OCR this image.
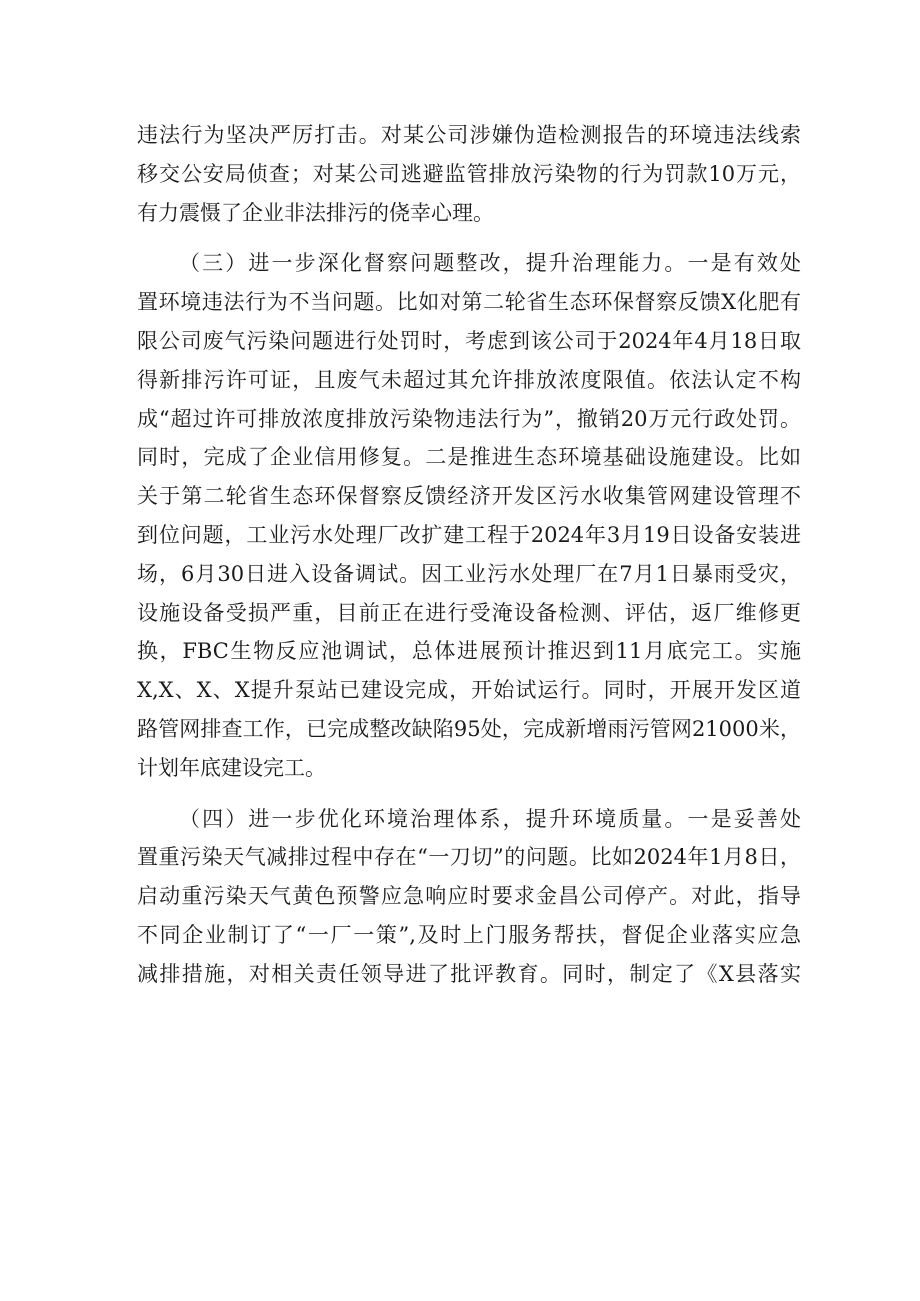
违法行为坚决严厉打击。对某公司涉嫌伪造检测报告的环境违法线索
移交公安局侦查；对某公司逃避监管排放污染物的行为罚款10万元，
有力震慑了企业非法排污的侥幸心理。
（三）进一步深化督察问题整改，提升治理能力。一是有效处
置环境违法行为不当问题。比如对第二轮省生态环保督察反馈X化肥有
限公司废气污染问题进行处罚时，考虑到该公司于2024年4月18日取
得新排污许可证，且废气未超过其允许排放浓度限值。依法认定不构
成“超过许可排放浓度排放污染物违法行为”，撤销20万元行政处罚。
同时，完成了企业信用修复。二是推进生态环境基础设施建设。比如
关于第二轮省生态环保督察反馈经济开发区污水收集管网建设管理不
到位问题，工业污水处理厂改扩建工程于2024年3月19日设备安装进
场，6月30日进入设备调试。因工业污水处理厂在7月1日暴雨受灾，
设施设备受损严重，目前正在进行受淹设备检测、评估，返厂维修更
换，FBC生物反应池调试，总体进展预计推迟到11月底完工。实施
X,X、X、X提升泵站已建设完成，开始试运行。同时，开展开发区道
路管网排查工作，已完成整改缺陷95处，完成新增雨污管网21000米，
计划年底建设完工。
（四）进一步优化环境治理体系，提升环境质量。一是妥善处
置重污染天气减排过程中存在“一刀切”的问题。比如2024年1月8日，
启动重污染天气黄色预警应急响应时要求金昌公司停产。对此，指导
不同企业制订了“一厂一策”,及时上门服务帮扶，督促企业落实应急
减排措施，对相关责任领导进了批评教育。同时，制定了《X县落实
